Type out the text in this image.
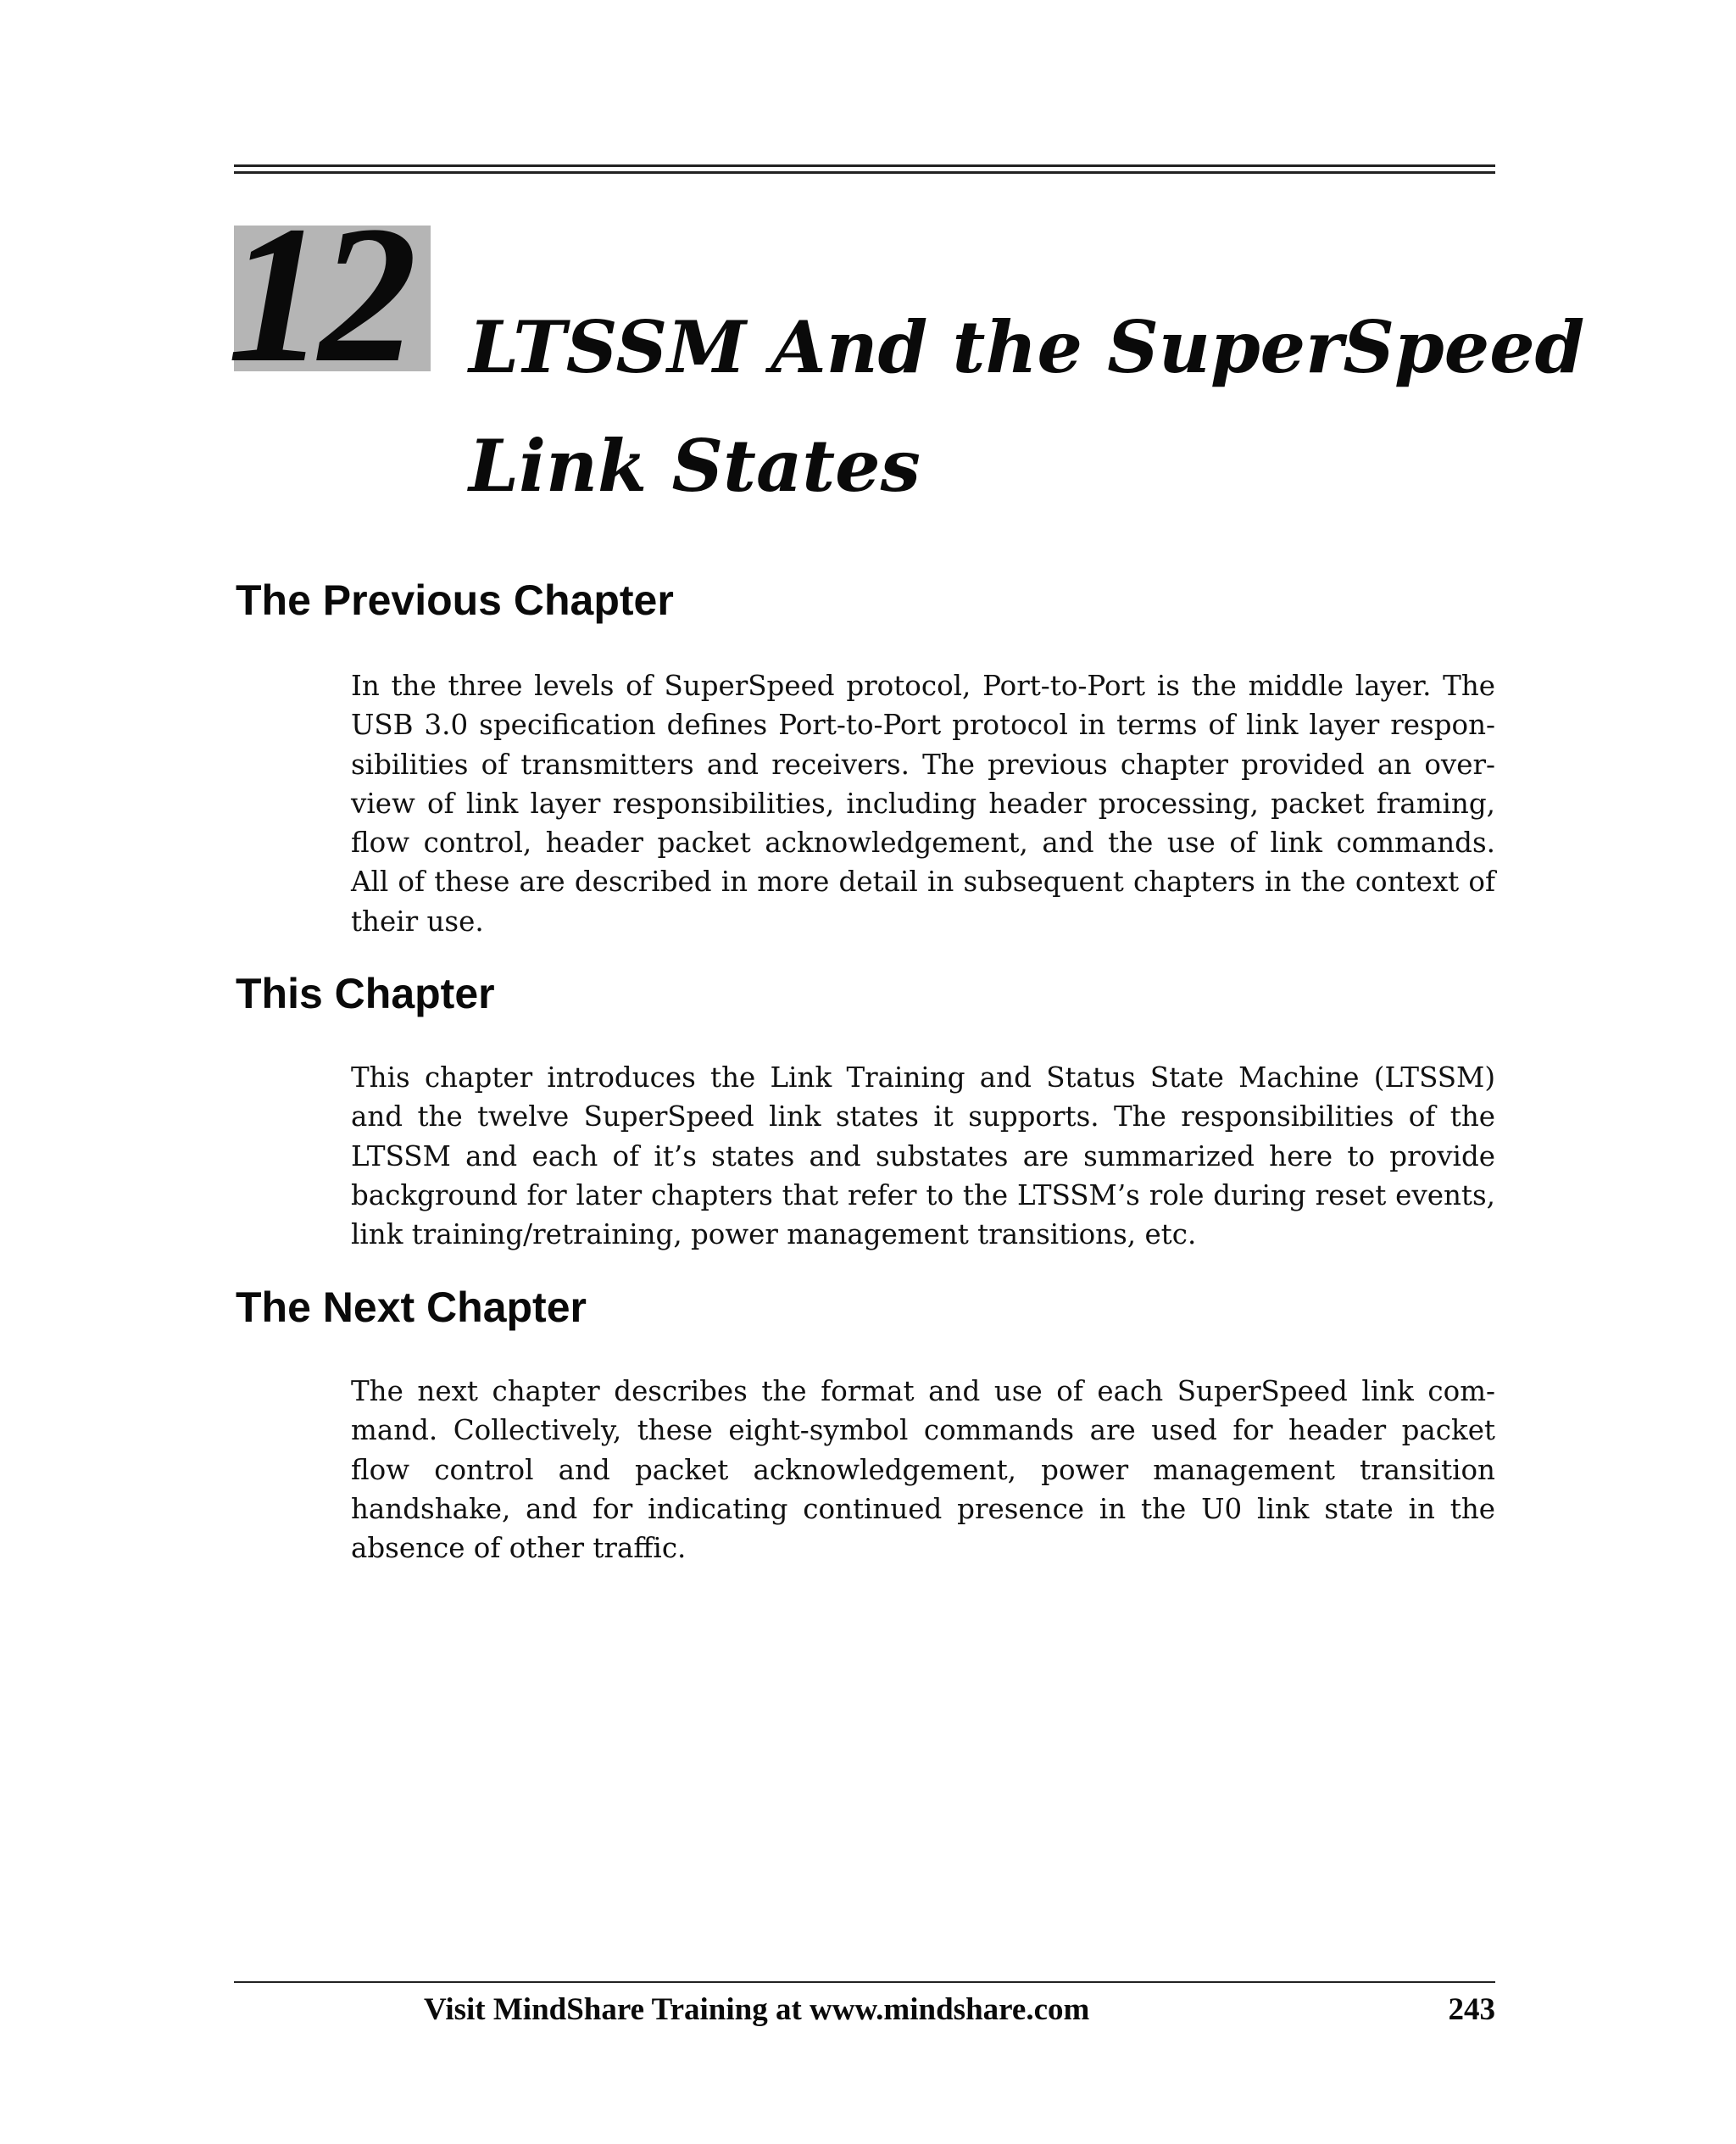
12 LTSSM And the SuperSpeed
Link States
The Previous Chapter

In the three levels of SuperSpeed protocol, Port-to-Port is the middle layer. The
USB 3.0 specification defines Port-to-Port protocol in terms of link layer respon-
sibilities of transmitters and receivers. The previous chapter provided an over-
view of link layer responsibilities, including header processing, packet framing,
flow control, header packet acknowledgement, and the use of link commands.
All of these are described in more detail in subsequent chapters in the context of
their use.

This Chapter

This chapter introduces the Link Training and Status State Machine (LTSSM)
and the twelve SuperSpeed link states it supports. The responsibilities of the
LTSSM and each of it’s states and substates are summarized here to provide
background for later chapters that refer to the LTSSM’s role during reset events,
link training/retraining, power management transitions, etc.

The Next Chapter

The next chapter describes the format and use of each SuperSpeed link com-
mand. Collectively, these eight-symbol commands are used for header packet
flow control and packet acknowledgement, power management transition
handshake, and for indicating continued presence in the U0 link state in the
absence of other traffic.

Visit MindShare Training at www.mindshare.com	243
